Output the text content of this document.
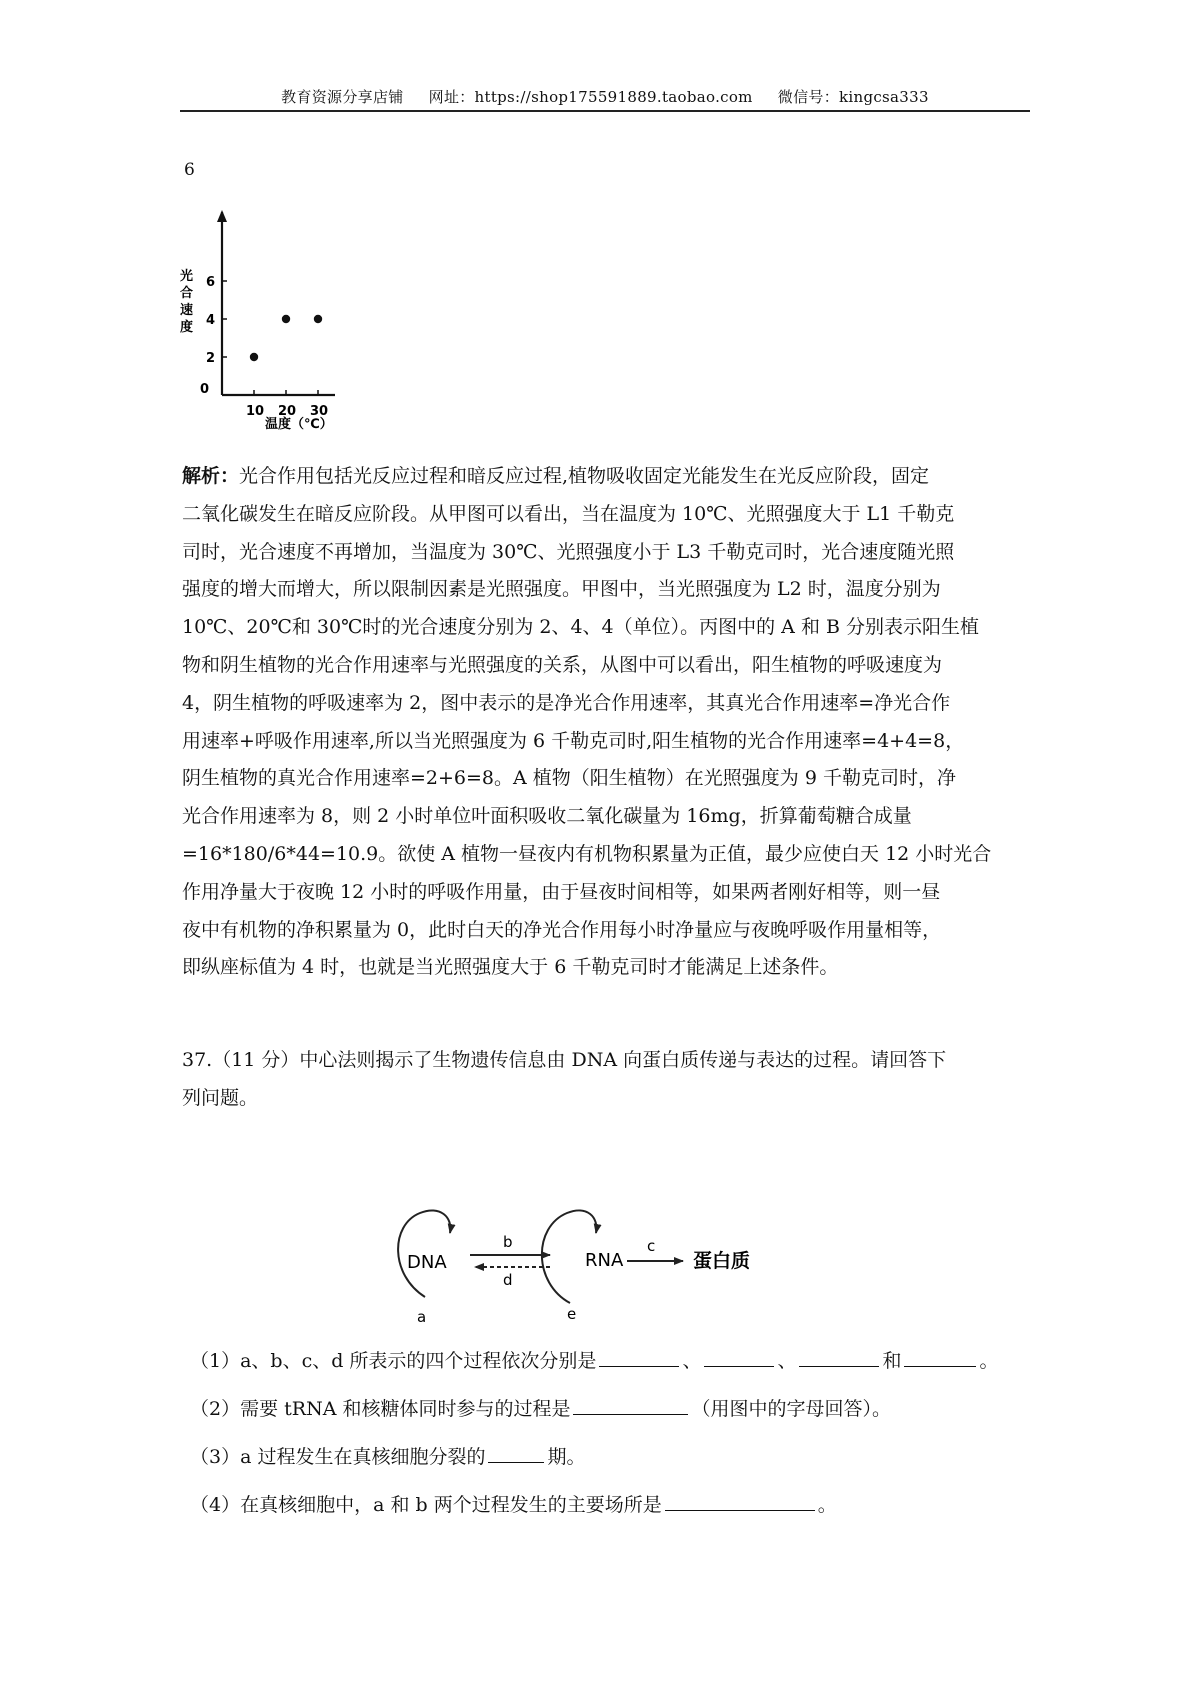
教育资源分享店铺 网址：https://shop175591889.taobao.com 微信号：kingcsa333
6
2
4
6
0
10 20 30
光合速度
温度（℃）
解析：光合作用包括光反应过程和暗反应过程,植物吸收固定光能发生在光反应阶段，固定
二氧化碳发生在暗反应阶段。从甲图可以看出，当在温度为 10℃、光照强度大于 L1 千勒克
司时，光合速度不再增加，当温度为 30℃、光照强度小于 L3 千勒克司时，光合速度随光照
强度的增大而增大，所以限制因素是光照强度。甲图中，当光照强度为 L2 时，温度分别为
10℃、20℃和 30℃时的光合速度分别为 2、4、4（单位）。丙图中的 A 和 B 分别表示阳生植
物和阴生植物的光合作用速率与光照强度的关系，从图中可以看出，阳生植物的呼吸速度为
4，阴生植物的呼吸速率为 2，图中表示的是净光合作用速率，其真光合作用速率=净光合作
用速率+呼吸作用速率,所以当光照强度为 6 千勒克司时,阳生植物的光合作用速率=4+4=8，
阴生植物的真光合作用速率=2+6=8。A 植物（阳生植物）在光照强度为 9 千勒克司时，净
光合作用速率为 8，则 2 小时单位叶面积吸收二氧化碳量为 16mg，折算葡萄糖合成量
=16*180/6*44=10.9。欲使 A 植物一昼夜内有机物积累量为正值，最少应使白天 12 小时光合
作用净量大于夜晚 12 小时的呼吸作用量，由于昼夜时间相等，如果两者刚好相等，则一昼
夜中有机物的净积累量为 0，此时白天的净光合作用每小时净量应与夜晚呼吸作用量相等，
即纵座标值为 4 时，也就是当光照强度大于 6 千勒克司时才能满足上述条件。
37.（11 分）中心法则揭示了生物遗传信息由 DNA 向蛋白质传递与表达的过程。请回答下
列问题。
DNA	RNA	蛋白质
a
b	c
d
e
（1）a、b、c、d 所表示的四个过程依次分别是	、	、	和	。
（2）需要 tRNA 和核糖体同时参与的过程是	（用图中的字母回答）。
（3）a 过程发生在真核细胞分裂的	期。
（4）在真核细胞中，a 和 b 两个过程发生的主要场所是	。
